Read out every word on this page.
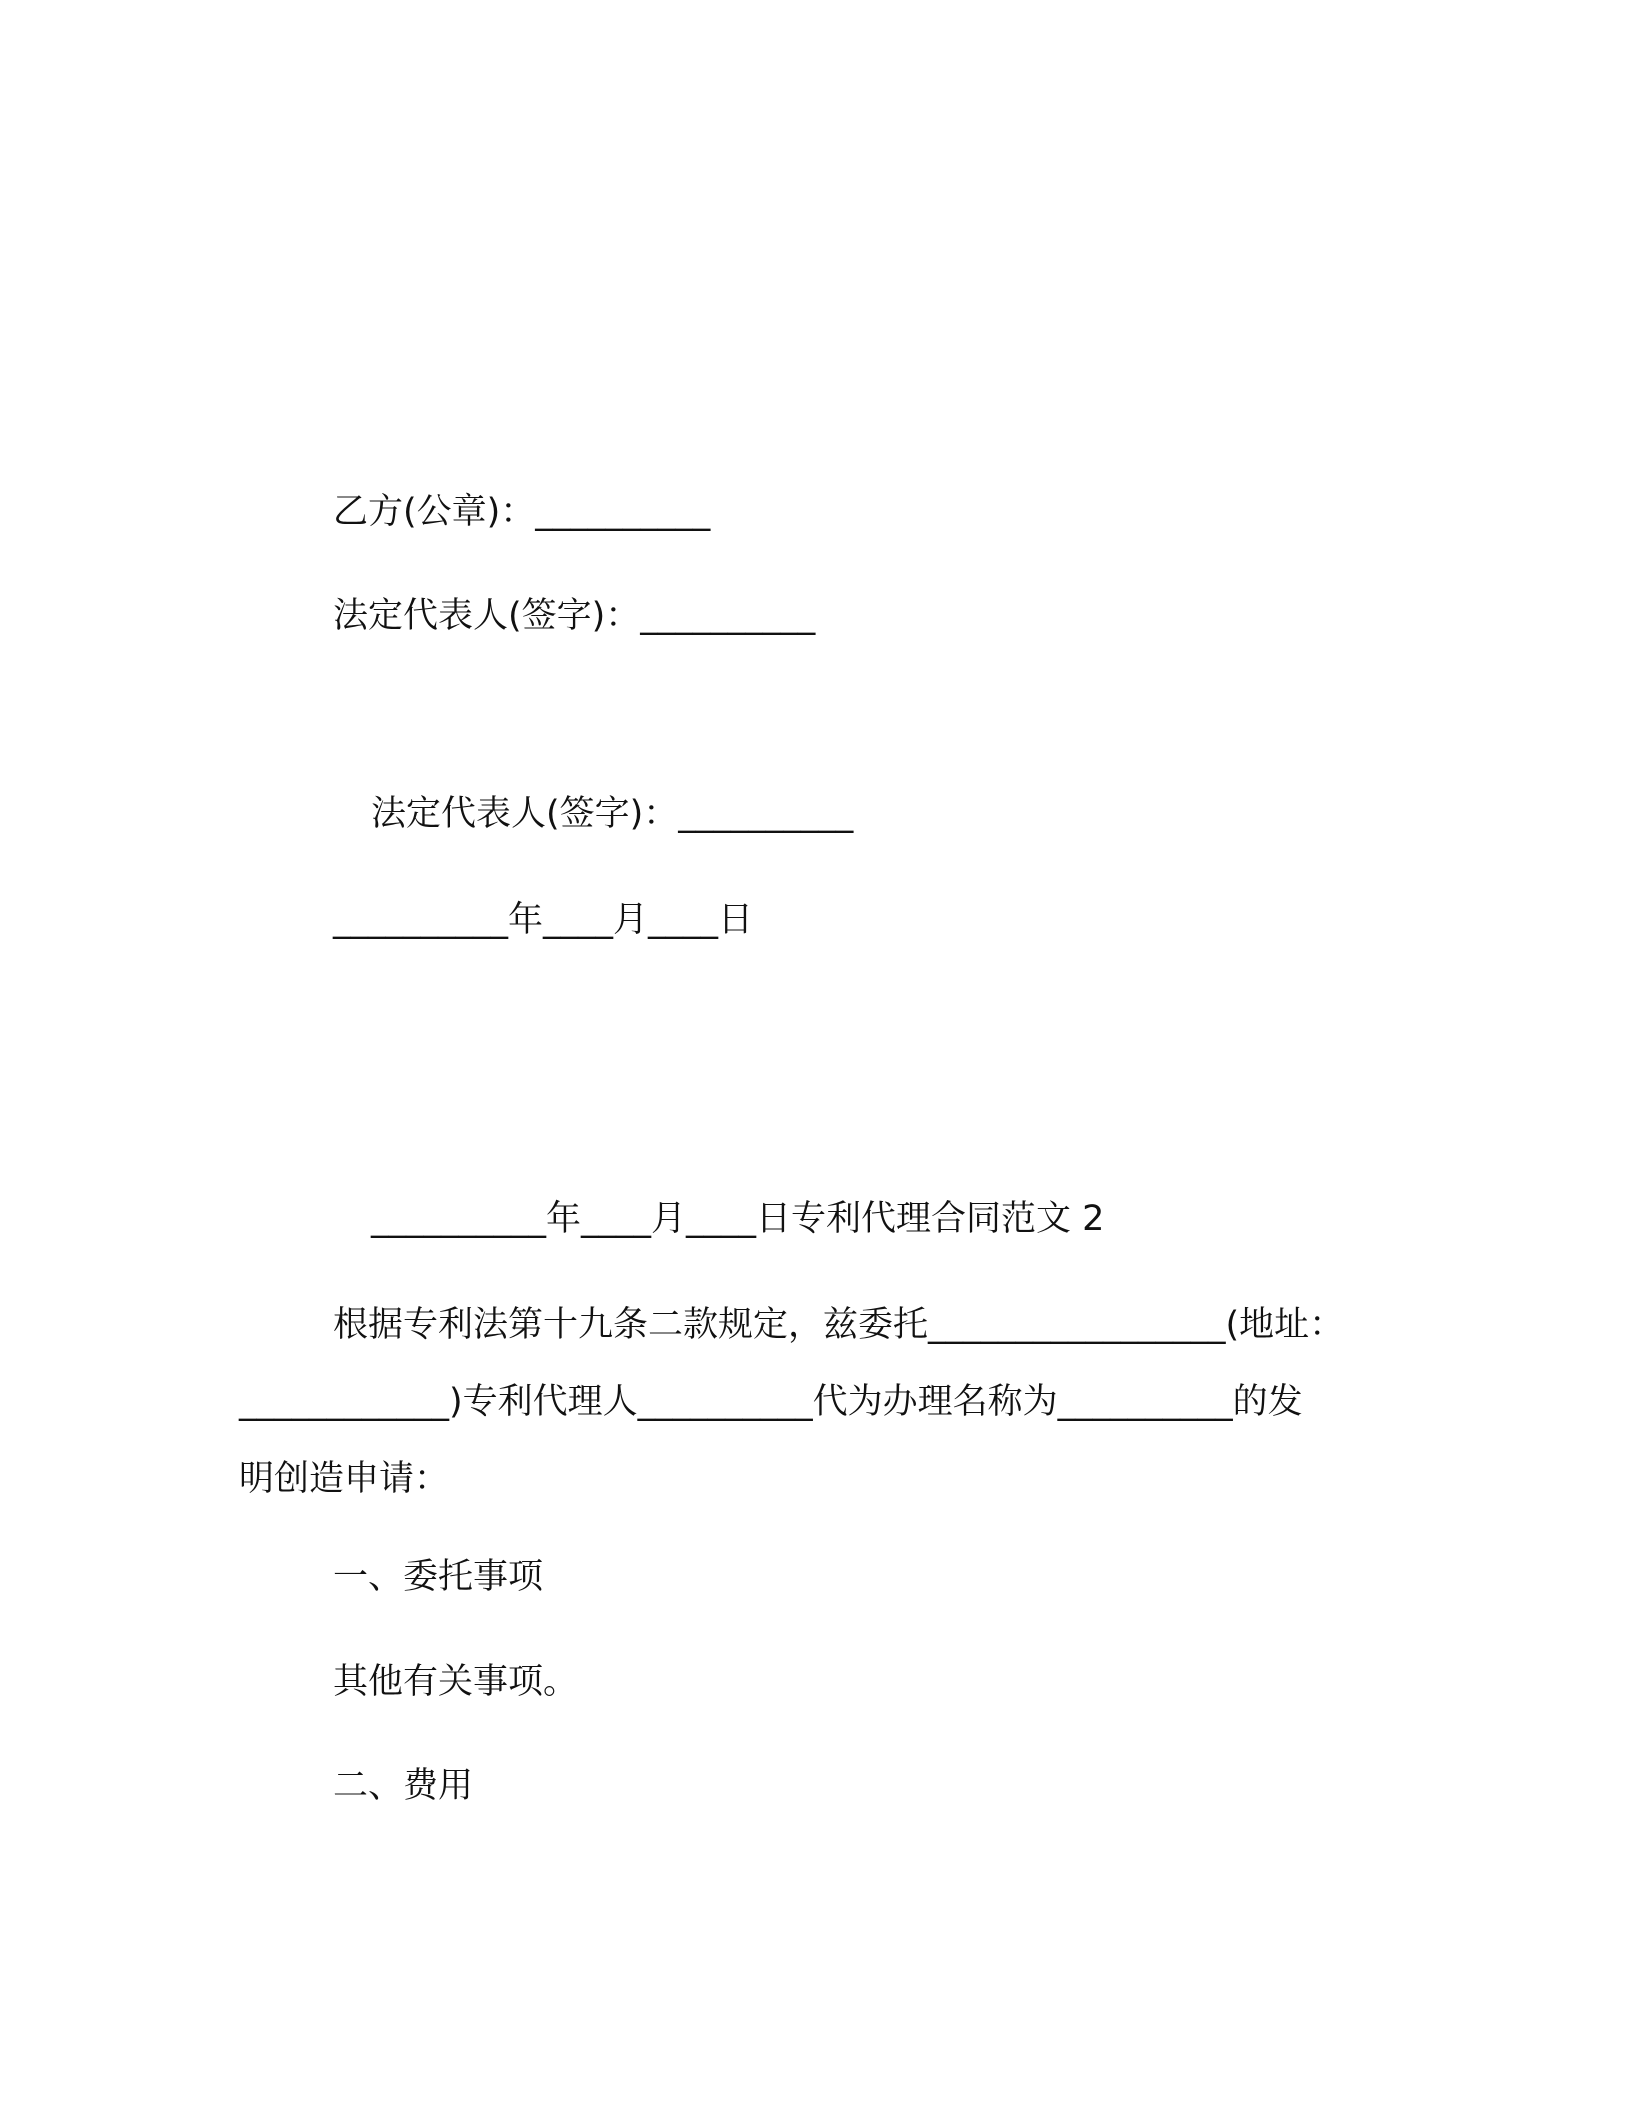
乙方(公章)：__________
法定代表人(签字)：__________
法定代表人(签字)：__________
__________年____月____日
__________年____月____日专利代理合同范文 2
根据专利法第十九条二款规定，兹委托_________________(地址：
____________)专利代理人__________代为办理名称为__________的发
明创造申请：
一、委托事项
其他有关事项。
二、费用
